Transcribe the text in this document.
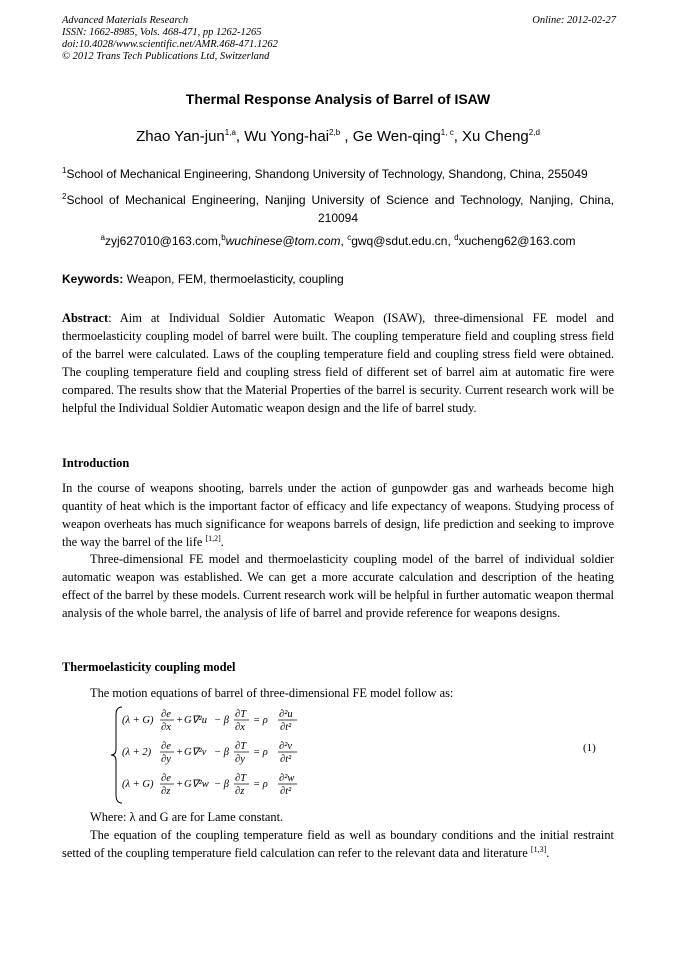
Advanced Materials Research
ISSN: 1662-8985, Vols. 468-471, pp 1262-1265
doi:10.4028/www.scientific.net/AMR.468-471.1262
© 2012 Trans Tech Publications Ltd, Switzerland
Online: 2012-02-27
Thermal Response Analysis of Barrel of ISAW
Zhao Yan-jun$^{1,a}$, Wu Yong-hai$^{2,b}$ , Ge Wen-qing$^{1, c}$, Xu Cheng$^{2,d}$
$^1$School of Mechanical Engineering, Shandong University of Technology, Shandong, China, 255049
$^2$School of Mechanical Engineering, Nanjing University of Science and Technology, Nanjing, China, 210094
$^a$zyj627010@163.com,$^b$wuchinese@tom.com, $^c$gwq@sdut.edu.cn, $^d$xucheng62@163.com
Keywords: Weapon, FEM, thermoelasticity, coupling
Abstract: Aim at Individual Soldier Automatic Weapon (ISAW), three-dimensional FE model and thermoelasticity coupling model of barrel were built. The coupling temperature field and coupling stress field of the barrel were calculated. Laws of the coupling temperature field and coupling stress field were obtained. The coupling temperature field and coupling stress field of different set of barrel aim at automatic fire were compared. The results show that the Material Properties of the barrel is security. Current research work will be helpful the Individual Soldier Automatic weapon design and the life of barrel study.
Introduction
In the course of weapons shooting, barrels under the action of gunpowder gas and warheads become high quantity of heat which is the important factor of efficacy and life expectancy of weapons. Studying process of weapon overheats has much significance for weapons barrels of design, life prediction and seeking to improve the way the barrel of the life [1,2].
Three-dimensional FE model and thermoelasticity coupling model of the barrel of individual soldier automatic weapon was established. We can get a more accurate calculation and description of the heating effect of the barrel by these models. Current research work will be helpful in further automatic weapon thermal analysis of the whole barrel, the analysis of life of barrel and provide reference for weapons designs.
Thermoelasticity coupling model
The motion equations of barrel of three-dimensional FE model follow as:
(λ + G)
∂e
∂x
+ G∇²u − β
∂T
∂x
= ρ
∂²u
∂t²
(λ + 2)
∂e
∂y
+ G∇²v − β
∂T
∂y
= ρ
∂²v
∂t²
(λ + G)
∂e
∂z
+ G∇²w − β
∂T
∂z
= ρ
∂²w
∂t²
(1)
Where: λ and G are for Lame constant.
The equation of the coupling temperature field as well as boundary conditions and the initial restraint setted of the coupling temperature field calculation can refer to the relevant data and literature [1,3].
